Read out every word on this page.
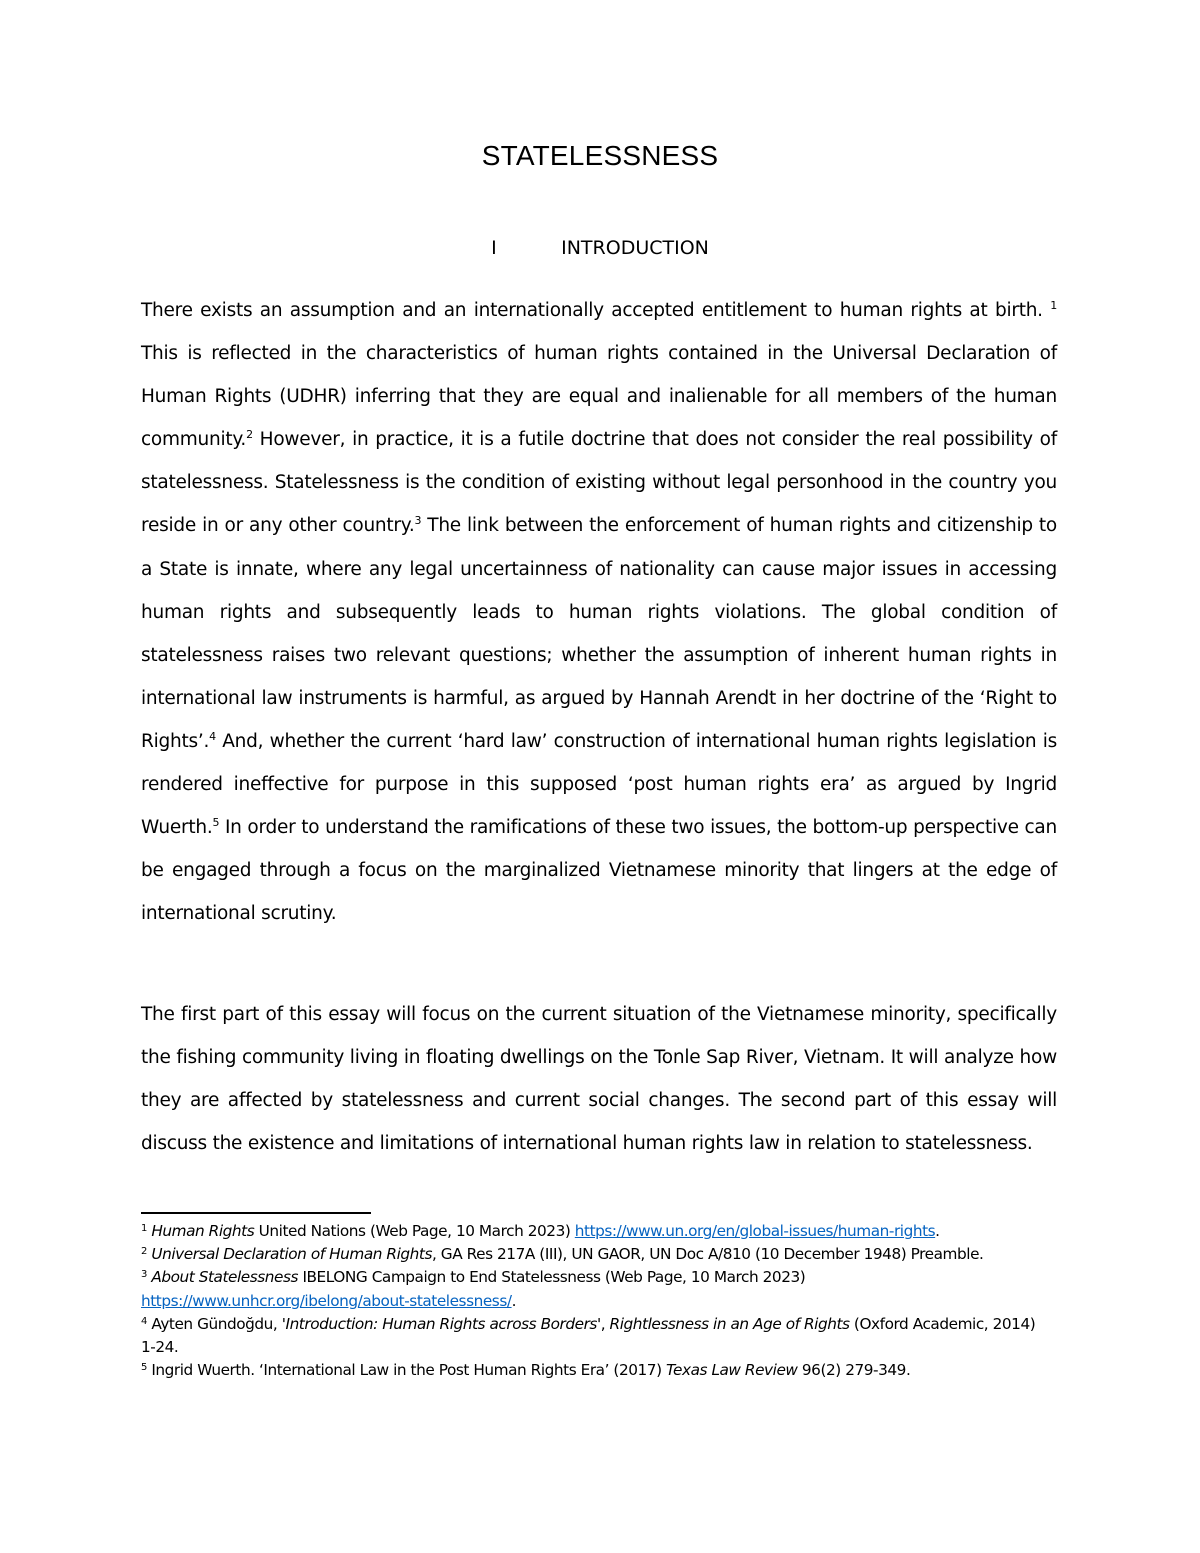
STATELESSNESS
I	INTRODUCTION

There exists an assumption and an internationally accepted entitlement to human rights at birth. $^1$ This is reflected in the characteristics of human rights contained in the Universal Declaration of Human Rights (UDHR) inferring that they are equal and inalienable for all members of the human community.$^2$ However, in practice, it is a futile doctrine that does not consider the real possibility of statelessness. Statelessness is the condition of existing without legal personhood in the country you reside in or any other country.$^3$ The link between the enforcement of human rights and citizenship to a State is innate, where any legal uncertainness of nationality can cause major issues in accessing human rights and subsequently leads to human rights violations. The global condition of statelessness raises two relevant questions; whether the assumption of inherent human rights in international law instruments is harmful, as argued by Hannah Arendt in her doctrine of the ‘Right to Rights’.$^4$ And, whether the current ‘hard law’ construction of international human rights legislation is rendered ineffective for purpose in this supposed ‘post human rights era’ as argued by Ingrid Wuerth.$^5$ In order to understand the ramifications of these two issues, the bottom-up perspective can be engaged through a focus on the marginalized Vietnamese minority that lingers at the edge of international scrutiny.

The first part of this essay will focus on the current situation of the Vietnamese minority, specifically the fishing community living in floating dwellings on the Tonle Sap River, Vietnam. It will analyze how they are affected by statelessness and current social changes. The second part of this essay will discuss the existence and limitations of international human rights law in relation to statelessness.

$^1$ Human Rights United Nations (Web Page, 10 March 2023) https://www.un.org/en/global-issues/human-rights.

$^2$ Universal Declaration of Human Rights, GA Res 217A (III), UN GAOR, UN Doc A/810 (10 December 1948) Preamble.

$^3$ About Statelessness IBELONG Campaign to End Statelessness (Web Page, 10 March 2023) https://www.unhcr.org/ibelong/about-statelessness/.

$^4$ Ayten Gündoğdu, 'Introduction: Human Rights across Borders', Rightlessness in an Age of Rights (Oxford Academic, 2014) 1-24.

$^5$ Ingrid Wuerth. ‘International Law in the Post Human Rights Era’ (2017) Texas Law Review 96(2) 279-349.
